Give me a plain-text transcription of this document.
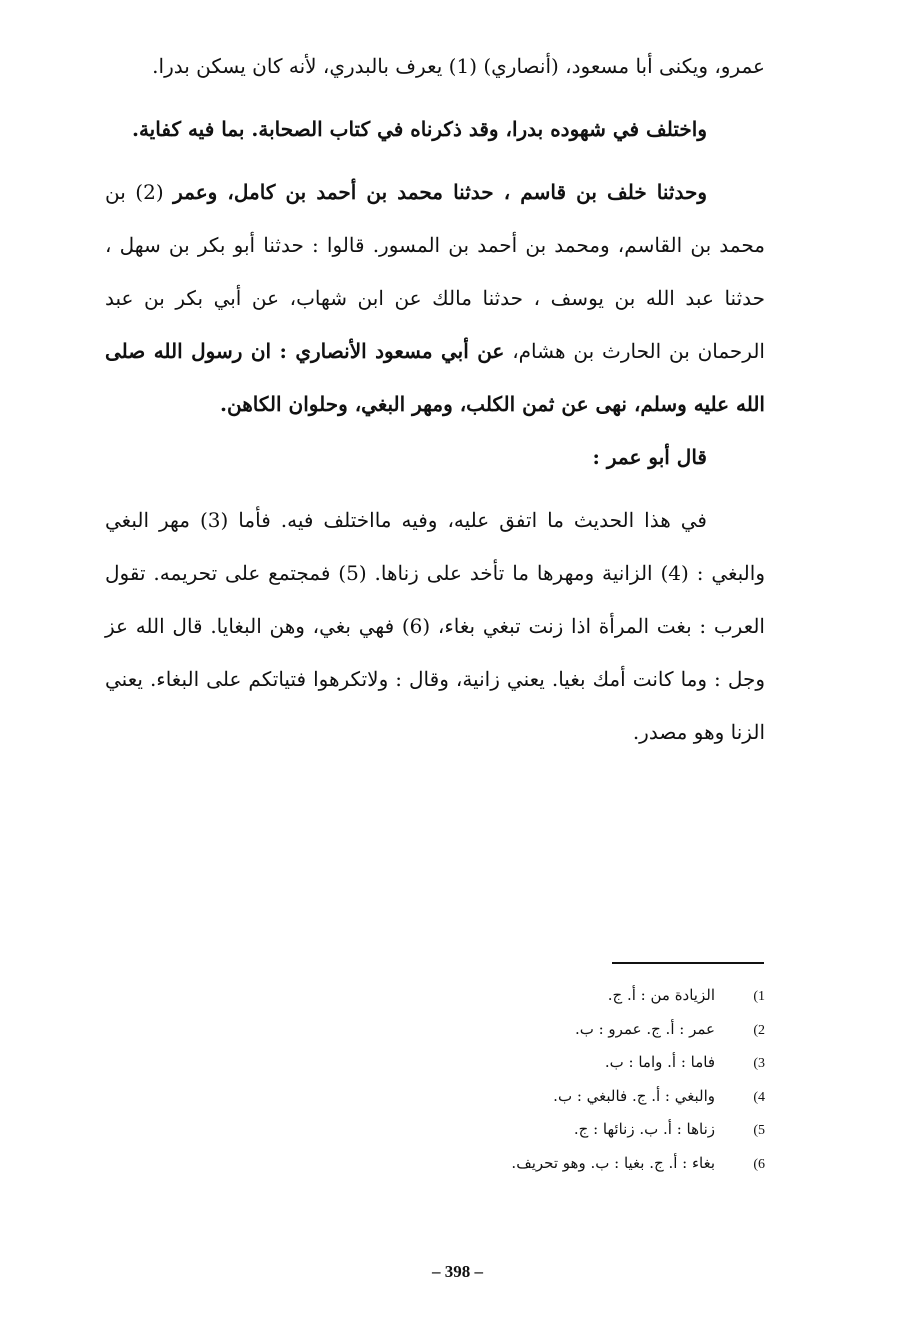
عمرو، ويكنى أبا مسعود، (أنصاري) (1) يعرف بالبدري، لأنه كان يسكن بدرا.

واختلف في شهوده بدرا، وقد ذكرناه في كتاب الصحابة. بما فيه كفاية.

وحدثنا خلف بن قاسم ، حدثنا محمد بن أحمد بن كامل، وعمر (2) بن محمد بن القاسم، ومحمد بن أحمد بن المسور. قالوا : حدثنا أبو بكر بن سهل ، حدثنا عبد الله بن يوسف ، حدثنا مالك عن ابن شهاب، عن أبي بكر بن عبد الرحمان بن الحارث بن هشام، عن أبي مسعود الأنصاري : ان رسول الله صلى الله عليه وسلم، نهى عن ثمن الكلب، ومهر البغي، وحلوان الكاهن.

قال أبو عمر :

في هذا الحديث ما اتفق عليه، وفيه مااختلف فيه. فأما (3) مهر البغي والبغي : (4) الزانية ومهرها ما تأخد على زناها. (5) فمجتمع على تحريمه. تقول العرب : بغت المرأة اذا زنت تبغي بغاء، (6) فهي بغي، وهن البغايا. قال الله عز وجل : وما كانت أمك بغيا. يعني زانية، وقال : ولاتكرهوا فتياتكم على البغاء. يعني الزنا وهو مصدر.

1)
الزيادة من : أ. ج.
2)
عمر : أ. ج. عمرو : ب.
3)
فاما : أ. واما : ب.
4)
والبغي : أ. ج. فالبغي : ب.
5)
زناها : أ. ب. زنائها : ج.
6)
بغاء : أ. ج. بغيا : ب. وهو تحريف.
– 398 –
